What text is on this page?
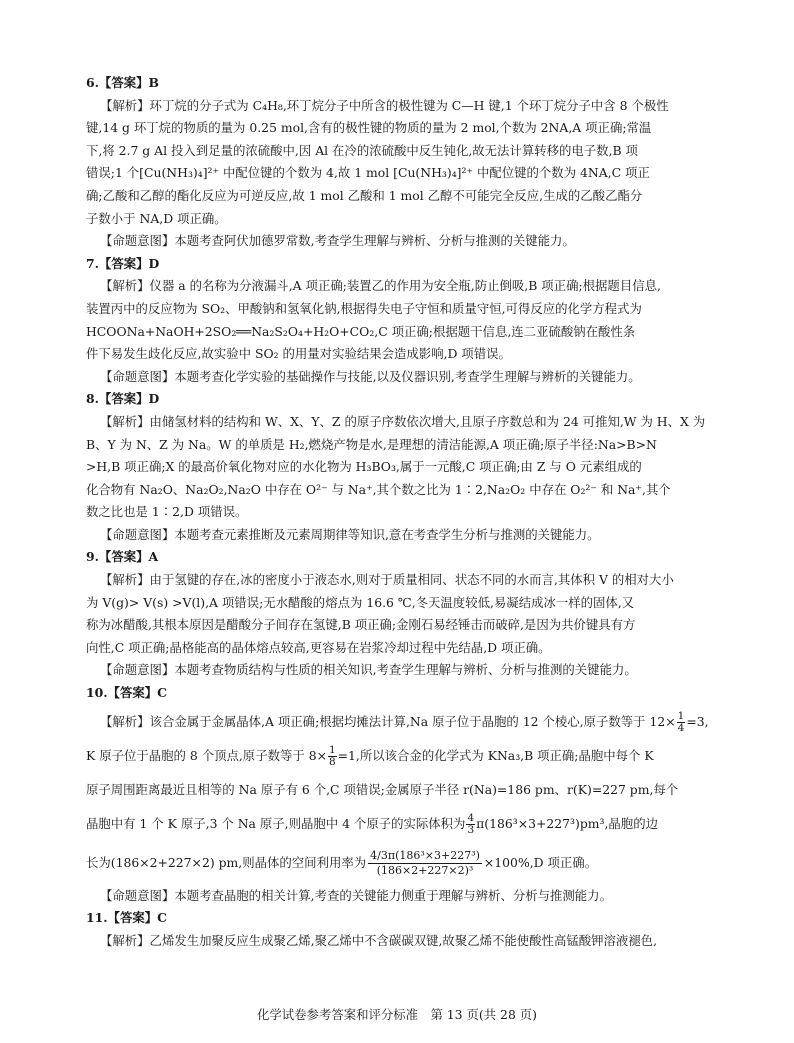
6.【答案】B
【解析】环丁烷的分子式为 C₄H₈,环丁烷分子中所含的极性键为 C—H 键,1 个环丁烷分子中含 8 个极性
键,14 g 环丁烷的物质的量为 0.25 mol,含有的极性键的物质的量为 2 mol,个数为 2NA,A 项正确;常温
下,将 2.7 g Al 投入到足量的浓硫酸中,因 Al 在冷的浓硫酸中反生钝化,故无法计算转移的电子数,B 项
错误;1 个[Cu(NH₃)₄]²⁺ 中配位键的个数为 4,故 1 mol [Cu(NH₃)₄]²⁺ 中配位键的个数为 4NA,C 项正
确;乙酸和乙醇的酯化反应为可逆反应,故 1 mol 乙酸和 1 mol 乙醇不可能完全反应,生成的乙酸乙酯分
子数小于 NA,D 项正确。
【命题意图】本题考查阿伏加德罗常数,考查学生理解与辨析、分析与推测的关键能力。
7.【答案】D
【解析】仪器 a 的名称为分液漏斗,A 项正确;装置乙的作用为安全瓶,防止倒吸,B 项正确;根据题目信息,
装置丙中的反应物为 SO₂、甲酸钠和氢氧化钠,根据得失电子守恒和质量守恒,可得反应的化学方程式为
HCOONa+NaOH+2SO₂══Na₂S₂O₄+H₂O+CO₂,C 项正确;根据题干信息,连二亚硫酸钠在酸性条
件下易发生歧化反应,故实验中 SO₂ 的用量对实验结果会造成影响,D 项错误。
【命题意图】本题考查化学实验的基础操作与技能,以及仪器识别,考查学生理解与辨析的关键能力。
8.【答案】D
【解析】由储氢材料的结构和 W、X、Y、Z 的原子序数依次增大,且原子序数总和为 24 可推知,W 为 H、X 为
B、Y 为 N、Z 为 Na。W 的单质是 H₂,燃烧产物是水,是理想的清洁能源,A 项正确;原子半径:Na>B>N
>H,B 项正确;X 的最高价氧化物对应的水化物为 H₃BO₃,属于一元酸,C 项正确;由 Z 与 O 元素组成的
化合物有 Na₂O、Na₂O₂,Na₂O 中存在 O²⁻ 与 Na⁺,其个数之比为 1∶2,Na₂O₂ 中存在 O₂²⁻ 和 Na⁺,其个
数之比也是 1∶2,D 项错误。
【命题意图】本题考查元素推断及元素周期律等知识,意在考查学生分析与推测的关键能力。
9.【答案】A
【解析】由于氢键的存在,冰的密度小于液态水,则对于质量相同、状态不同的水而言,其体积 V 的相对大小
为 V(g)> V(s) >V(l),A 项错误;无水醋酸的熔点为 16.6 ℃,冬天温度较低,易凝结成冰一样的固体,又
称为冰醋酸,其根本原因是醋酸分子间存在氢键,B 项正确;金刚石易经锤击而破碎,是因为共价键具有方
向性,C 项正确;晶格能高的晶体熔点较高,更容易在岩浆冷却过程中先结晶,D 项正确。
【命题意图】本题考查物质结构与性质的相关知识,考查学生理解与辨析、分析与推测的关键能力。
10.【答案】C
【解析】该合金属于金属晶体,A 项正确;根据均摊法计算,Na 原子位于晶胞的 12 个棱心,原子数等于 $12\times \frac{1}{4} =3$,
K 原子位于晶胞的 8 个顶点,原子数等于 $8\times \frac{1}{8} =1$,所以该合金的化学式为 KNa₃,B 项正确;晶胞中每个 K
原子周围距离最近且相等的 Na 原子有 6 个,C 项错误;金属原子半径 r(Na)=186 pm、r(K)=227 pm,每个
晶胞中有 1 个 K 原子,3 个 Na 原子,则晶胞中 4 个原子的实际体积为 $\frac{4}{3} \pi(186^3\times 3+227^3)pm^3$,晶胞的边
长为(186×2+227×2) pm,则晶体的空间利用率为 $\frac{\text{4/3π(186³×3+227³)}}{\text{(186×2+227×2)³}} \times 100\%,D$ 项正确。
【命题意图】本题考查晶胞的相关计算,考查的关键能力侧重于理解与辨析、分析与推测能力。
11.【答案】C
【解析】乙烯发生加聚反应生成聚乙烯,聚乙烯中不含碳碳双键,故聚乙烯不能使酸性高锰酸钾溶液褪色,
化学试卷参考答案和评分标准　第 13 页(共 28 页)
